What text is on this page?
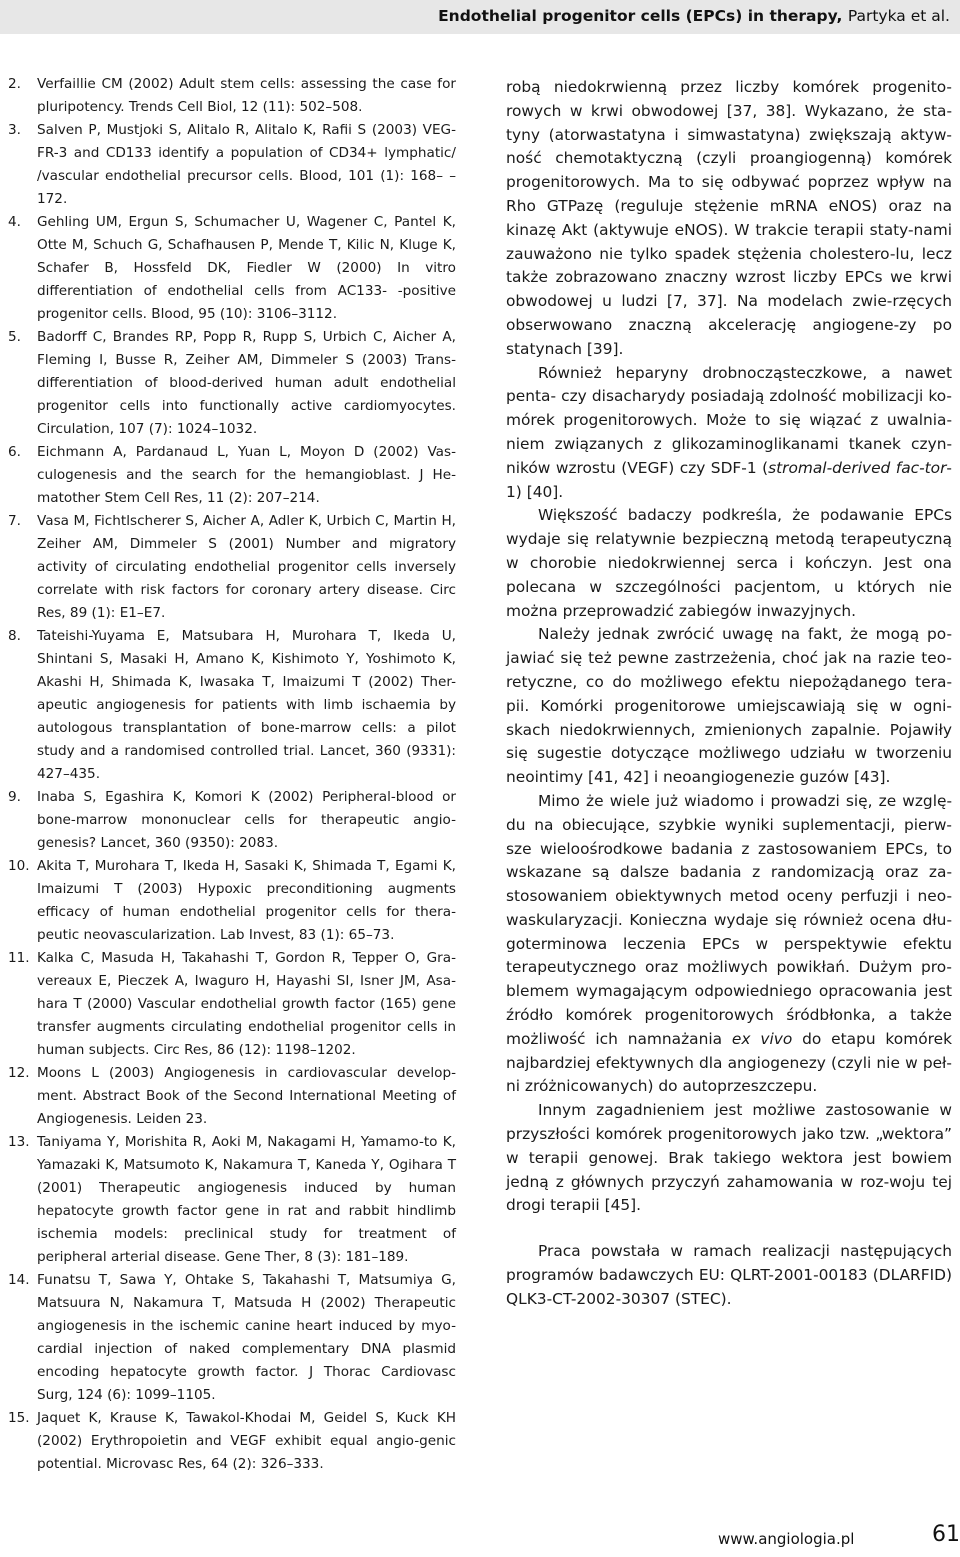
Endothelial progenitor cells (EPCs) in therapy, Partyka et al.
2.	Verfaillie CM (2002) Adult stem cells: assessing the case for pluripotency. Trends Cell Biol, 12 (11): 502–508.
3.	Salven P, Mustjoki S, Alitalo R, Alitalo K, Rafii S (2003) VEG-FR-3 and CD133 identify a population of CD34+ lymphatic/ /vascular endothelial precursor cells. Blood, 101 (1): 168– –172.
4.	Gehling UM, Ergun S, Schumacher U, Wagener C, Pantel K, Otte M, Schuch G, Schafhausen P, Mende T, Kilic N, Kluge K, Schafer B, Hossfeld DK, Fiedler W (2000) In vitro differentiation of endothelial cells from AC133- -positive progenitor cells. Blood, 95 (10): 3106–3112.
5.	Badorff C, Brandes RP, Popp R, Rupp S, Urbich C, Aicher A, Fleming I, Busse R, Zeiher AM, Dimmeler S (2003) Trans-differentiation of blood-derived human adult endothelial progenitor cells into functionally active cardiomyocytes. Circulation, 107 (7): 1024–1032.
6.	Eichmann A, Pardanaud L, Yuan L, Moyon D (2002) Vas-culogenesis and the search for the hemangioblast. J He-matother Stem Cell Res, 11 (2): 207–214.
7.	Vasa M, Fichtlscherer S, Aicher A, Adler K, Urbich C, Martin H, Zeiher AM, Dimmeler S (2001) Number and migratory activity of circulating endothelial progenitor cells inversely correlate with risk factors for coronary artery disease. Circ Res, 89 (1): E1–E7.
8.	Tateishi-Yuyama E, Matsubara H, Murohara T, Ikeda U, Shintani S, Masaki H, Amano K, Kishimoto Y, Yoshimoto K, Akashi H, Shimada K, Iwasaka T, Imaizumi T (2002) Ther-apeutic angiogenesis for patients with limb ischaemia by autologous transplantation of bone-marrow cells: a pilot study and a randomised controlled trial. Lancet, 360 (9331): 427–435.
9.	Inaba S, Egashira K, Komori K (2002) Peripheral-blood or bone-marrow mononuclear cells for therapeutic angio-genesis? Lancet, 360 (9350): 2083.
10. Akita T, Murohara T, Ikeda H, Sasaki K, Shimada T, Egami K, Imaizumi T (2003) Hypoxic preconditioning augments efficacy of human endothelial progenitor cells for thera-peutic neovascularization. Lab Invest, 83 (1): 65–73.
11. Kalka C, Masuda H, Takahashi T, Gordon R, Tepper O, Gra-vereaux E, Pieczek A, Iwaguro H, Hayashi SI, Isner JM, Asa-hara T (2000) Vascular endothelial growth factor (165) gene transfer augments circulating endothelial progenitor cells in human subjects. Circ Res, 86 (12): 1198–1202.
12. Moons L (2003) Angiogenesis in cardiovascular develop-ment. Abstract Book of the Second International Meeting of Angiogenesis. Leiden 23.
13. Taniyama Y, Morishita R, Aoki M, Nakagami H, Yamamo-to K, Yamazaki K, Matsumoto K, Nakamura T, Kaneda Y, Ogihara T (2001) Therapeutic angiogenesis induced by human hepatocyte growth factor gene in rat and rabbit hindlimb ischemia models: preclinical study for treatment of peripheral arterial disease. Gene Ther, 8 (3): 181–189.
14. Funatsu T, Sawa Y, Ohtake S, Takahashi T, Matsumiya G, Matsuura N, Nakamura T, Matsuda H (2002) Therapeutic angiogenesis in the ischemic canine heart induced by myo-cardial injection of naked complementary DNA plasmid encoding hepatocyte growth factor. J Thorac Cardiovasc Surg, 124 (6): 1099–1105.
15. Jaquet K, Krause K, Tawakol-Khodai M, Geidel S, Kuck KH (2002) Erythropoietin and VEGF exhibit equal angio-genic potential. Microvasc Res, 64 (2): 326–333.

robą niedokrwienną przez liczby komórek progenito-rowych w krwi obwodowej [37, 38]. Wykazano, że sta-tyny (atorwastatyna i simwastatyna) zwiększają aktyw-ność chemotaktyczną (czyli proangiogenną) komórek progenitorowych. Ma to się odbywać poprzez wpływ na Rho GTPazę (reguluje stężenie mRNA eNOS) oraz na kinazę Akt (aktywuje eNOS). W trakcie terapii staty-nami zauważono nie tylko spadek stężenia cholestero-lu, lecz także zobrazowano znaczny wzrost liczby EPCs we krwi obwodowej u ludzi [7, 37]. Na modelach zwie-rzęcych obserwowano znaczną akcelerację angiogene-zy po statynach [39].

Również heparyny drobnocząsteczkowe, a nawet penta- czy disacharydy posiadają zdolność mobilizacji ko-mórek progenitorowych. Może to się wiązać z uwalnia-niem związanych z glikozaminoglikanami tkanek czyn-ników wzrostu (VEGF) czy SDF-1 (stromal-derived fac-tor-1) [40].

Większość badaczy podkreśla, że podawanie EPCs wydaje się relatywnie bezpieczną metodą terapeutyczną w chorobie niedokrwiennej serca i kończyn. Jest ona polecana w szczególności pacjentom, u których nie można przeprowadzić zabiegów inwazyjnych.

Należy jednak zwrócić uwagę na fakt, że mogą po-jawiać się też pewne zastrzeżenia, choć jak na razie teo-retyczne, co do możliwego efektu niepożądanego tera-pii. Komórki progenitorowe umiejscawiają się w ogni-skach niedokrwiennych, zmienionych zapalnie. Pojawiły się sugestie dotyczące możliwego udziału w tworzeniu neointimy [41, 42] i neoangiogenezie guzów [43].

Mimo że wiele już wiadomo i prowadzi się, ze wzglę-du na obiecujące, szybkie wyniki suplementacji, pierw-sze wieloośrodkowe badania z zastosowaniem EPCs, to wskazane są dalsze badania z randomizacją oraz za-stosowaniem obiektywnych metod oceny perfuzji i neo-waskularyzacji. Konieczna wydaje się również ocena dłu-goterminowa leczenia EPCs w perspektywie efektu terapeutycznego oraz możliwych powikłań. Dużym pro-blemem wymagającym odpowiedniego opracowania jest źródło komórek progenitorowych śródbłonka, a także możliwość ich namnażania ex vivo do etapu komórek najbardziej efektywnych dla angiogenezy (czyli nie w peł-ni zróżnicowanych) do autoprzeszczepu.

Innym zagadnieniem jest możliwe zastosowanie w przyszłości komórek progenitorowych jako tzw. „wektora” w terapii genowej. Brak takiego wektora jest bowiem jedną z głównych przyczyń zahamowania w roz-woju tej drogi terapii [45].

Praca powstała w ramach realizacji następujących programów badawczych EU: QLRT-2001-00183 (DLARFID) QLK3-CT-2002-30307 (STEC).

www.angiologia.pl	61
